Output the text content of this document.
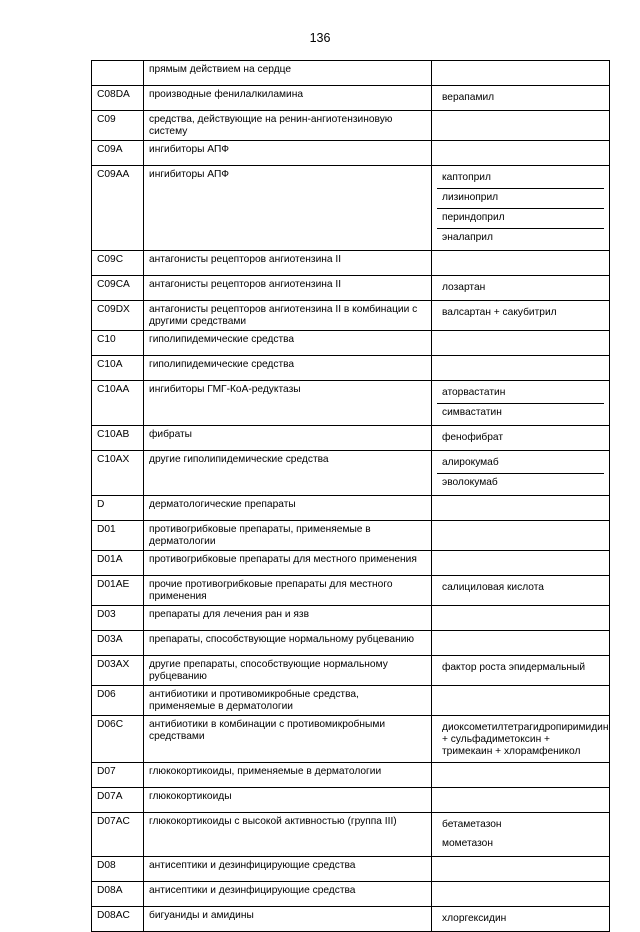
136
	прямым действием на сердце	

C08DA	производные фенилалкиламина	верапамил

C09	средства, действующие на ренин-ангиотензиновую систему	

C09A	ингибиторы АПФ	

C09AA	ингибиторы АПФ	каптоприл
лизиноприл
периндоприл
эналаприл

C09C	антагонисты рецепторов ангиотензина II	

C09CA	антагонисты рецепторов ангиотензина II	лозартан

C09DX	антагонисты рецепторов ангиотензина II в комбинации с другими средствами	валсартан + сакубитрил

C10	гиполипидемические средства	

C10A	гиполипидемические средства	

C10AA	ингибиторы ГМГ-КоА-редуктазы	аторвастатин
симвастатин

C10AB	фибраты	фенофибрат

C10AX	другие гиполипидемические средства	алирокумаб
эволокумаб

D	дерматологические препараты	

D01	противогрибковые препараты, применяемые в дерматологии	

D01A	противогрибковые препараты для местного применения	

D01AE	прочие противогрибковые препараты для местного применения	салициловая кислота

D03	препараты для лечения ран и язв	

D03A	препараты, способствующие нормальному рубцеванию	

D03AX	другие препараты, способствующие нормальному рубцеванию	фактор роста эпидермальный

D06	антибиотики и противомикробные средства, применяемые в дерматологии	

D06C	антибиотики в комбинации с противомикробными средствами	диоксометилтетрагидропиримидин + сульфадиметоксин + тримекаин + хлорамфеникол

D07	глюкокортикоиды, применяемые в дерматологии	

D07A	глюкокортикоиды	

D07AC	глюкокортикоиды с высокой активностью (группа III)	бетаметазон
мометазон

D08	антисептики и дезинфицирующие средства	

D08A	антисептики и дезинфицирующие средства	

D08AC	бигуаниды и амидины	хлоргексидин
